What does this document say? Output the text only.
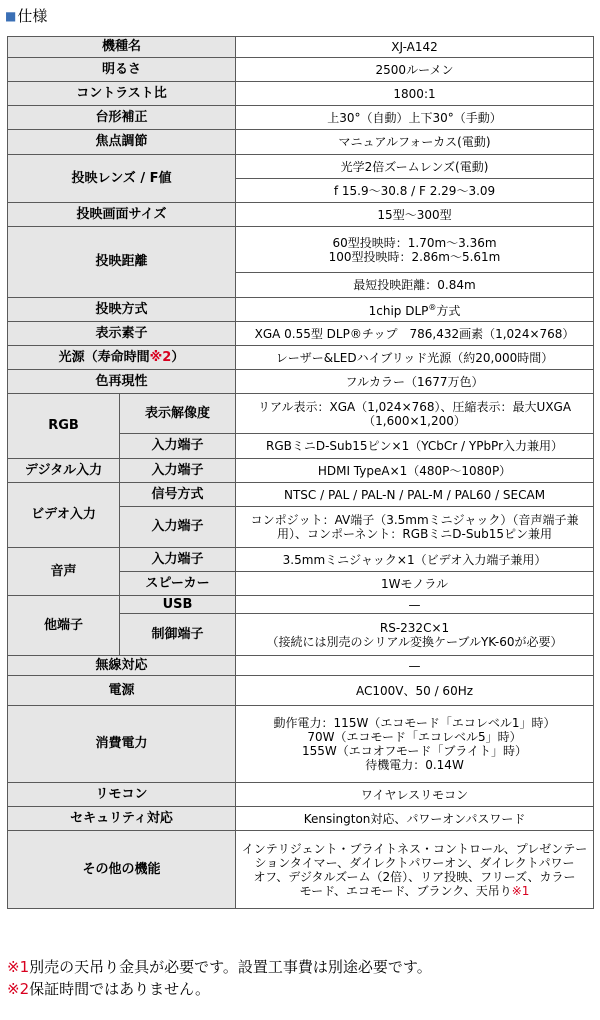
■仕様
機種名		XJ-A142
明るさ		2500ルーメン
コントラスト比		1800:1
台形補正		上30°（自動）上下30°（手動）
焦点調節		マニュアルフォーカス(電動)
投映レンズ / F値		光学2倍ズームレンズ(電動)
		f 15.9～30.8 / F 2.29～3.09
投映画面サイズ		15型～300型
投映距離		60型投映時：1.70m～3.36m
100型投映時：2.86m～5.61m

		最短投映距離：0.84m
投映方式		1chip DLP®方式
表示素子		XGA 0.55型 DLP®チップ　786,432画素（1,024×768）
光源（寿命時間※2）		レーザー&LEDハイブリッド光源（約20,000時間）
色再現性		フルカラー（1677万色）
RGB	表示解像度	リアル表示：XGA（1,024×768）、圧縮表示：最大UXGA
（1,600×1,200）

	入力端子	RGBミニD-Sub15ピン×1（YCbCr / YPbPr入力兼用）
デジタル入力	入力端子	HDMI TypeA×1（480P～1080P）
ビデオ入力	信号方式	NTSC / PAL / PAL-N / PAL-M / PAL60 / SECAM
	入力端子	コンポジット：AV端子（3.5mmミニジャック）（音声端子兼
用）、コンポーネント：RGBミニD-Sub15ピン兼用

音声	入力端子	3.5mmミニジャック×1（ビデオ入力端子兼用）
	スピーカー	1Wモノラル
他端子	USB	—
	制御端子	RS-232C×1
（接続には別売のシリアル変換ケーブルYK-60が必要）

無線対応		—
電源		AC100V、50 / 60Hz
消費電力		動作電力：115W（エコモード「エコレベル1」時）
70W（エコモード「エコレベル5」時）
155W（エコオフモード「ブライト」時）
待機電力：0.14W

リモコン		ワイヤレスリモコン
セキュリティ対応		Kensington対応、パワーオンパスワード
その他の機能		インテリジェント・ブライトネス・コントロール、プレゼンテー
ションタイマー、ダイレクトパワーオン、ダイレクトパワー
オフ、デジタルズーム（2倍）、リア投映、フリーズ、カラー
モード、エコモード、ブランク、天吊り※1
※1別売の天吊り金具が必要です。設置工事費は別途必要です。
※2保証時間ではありません。
